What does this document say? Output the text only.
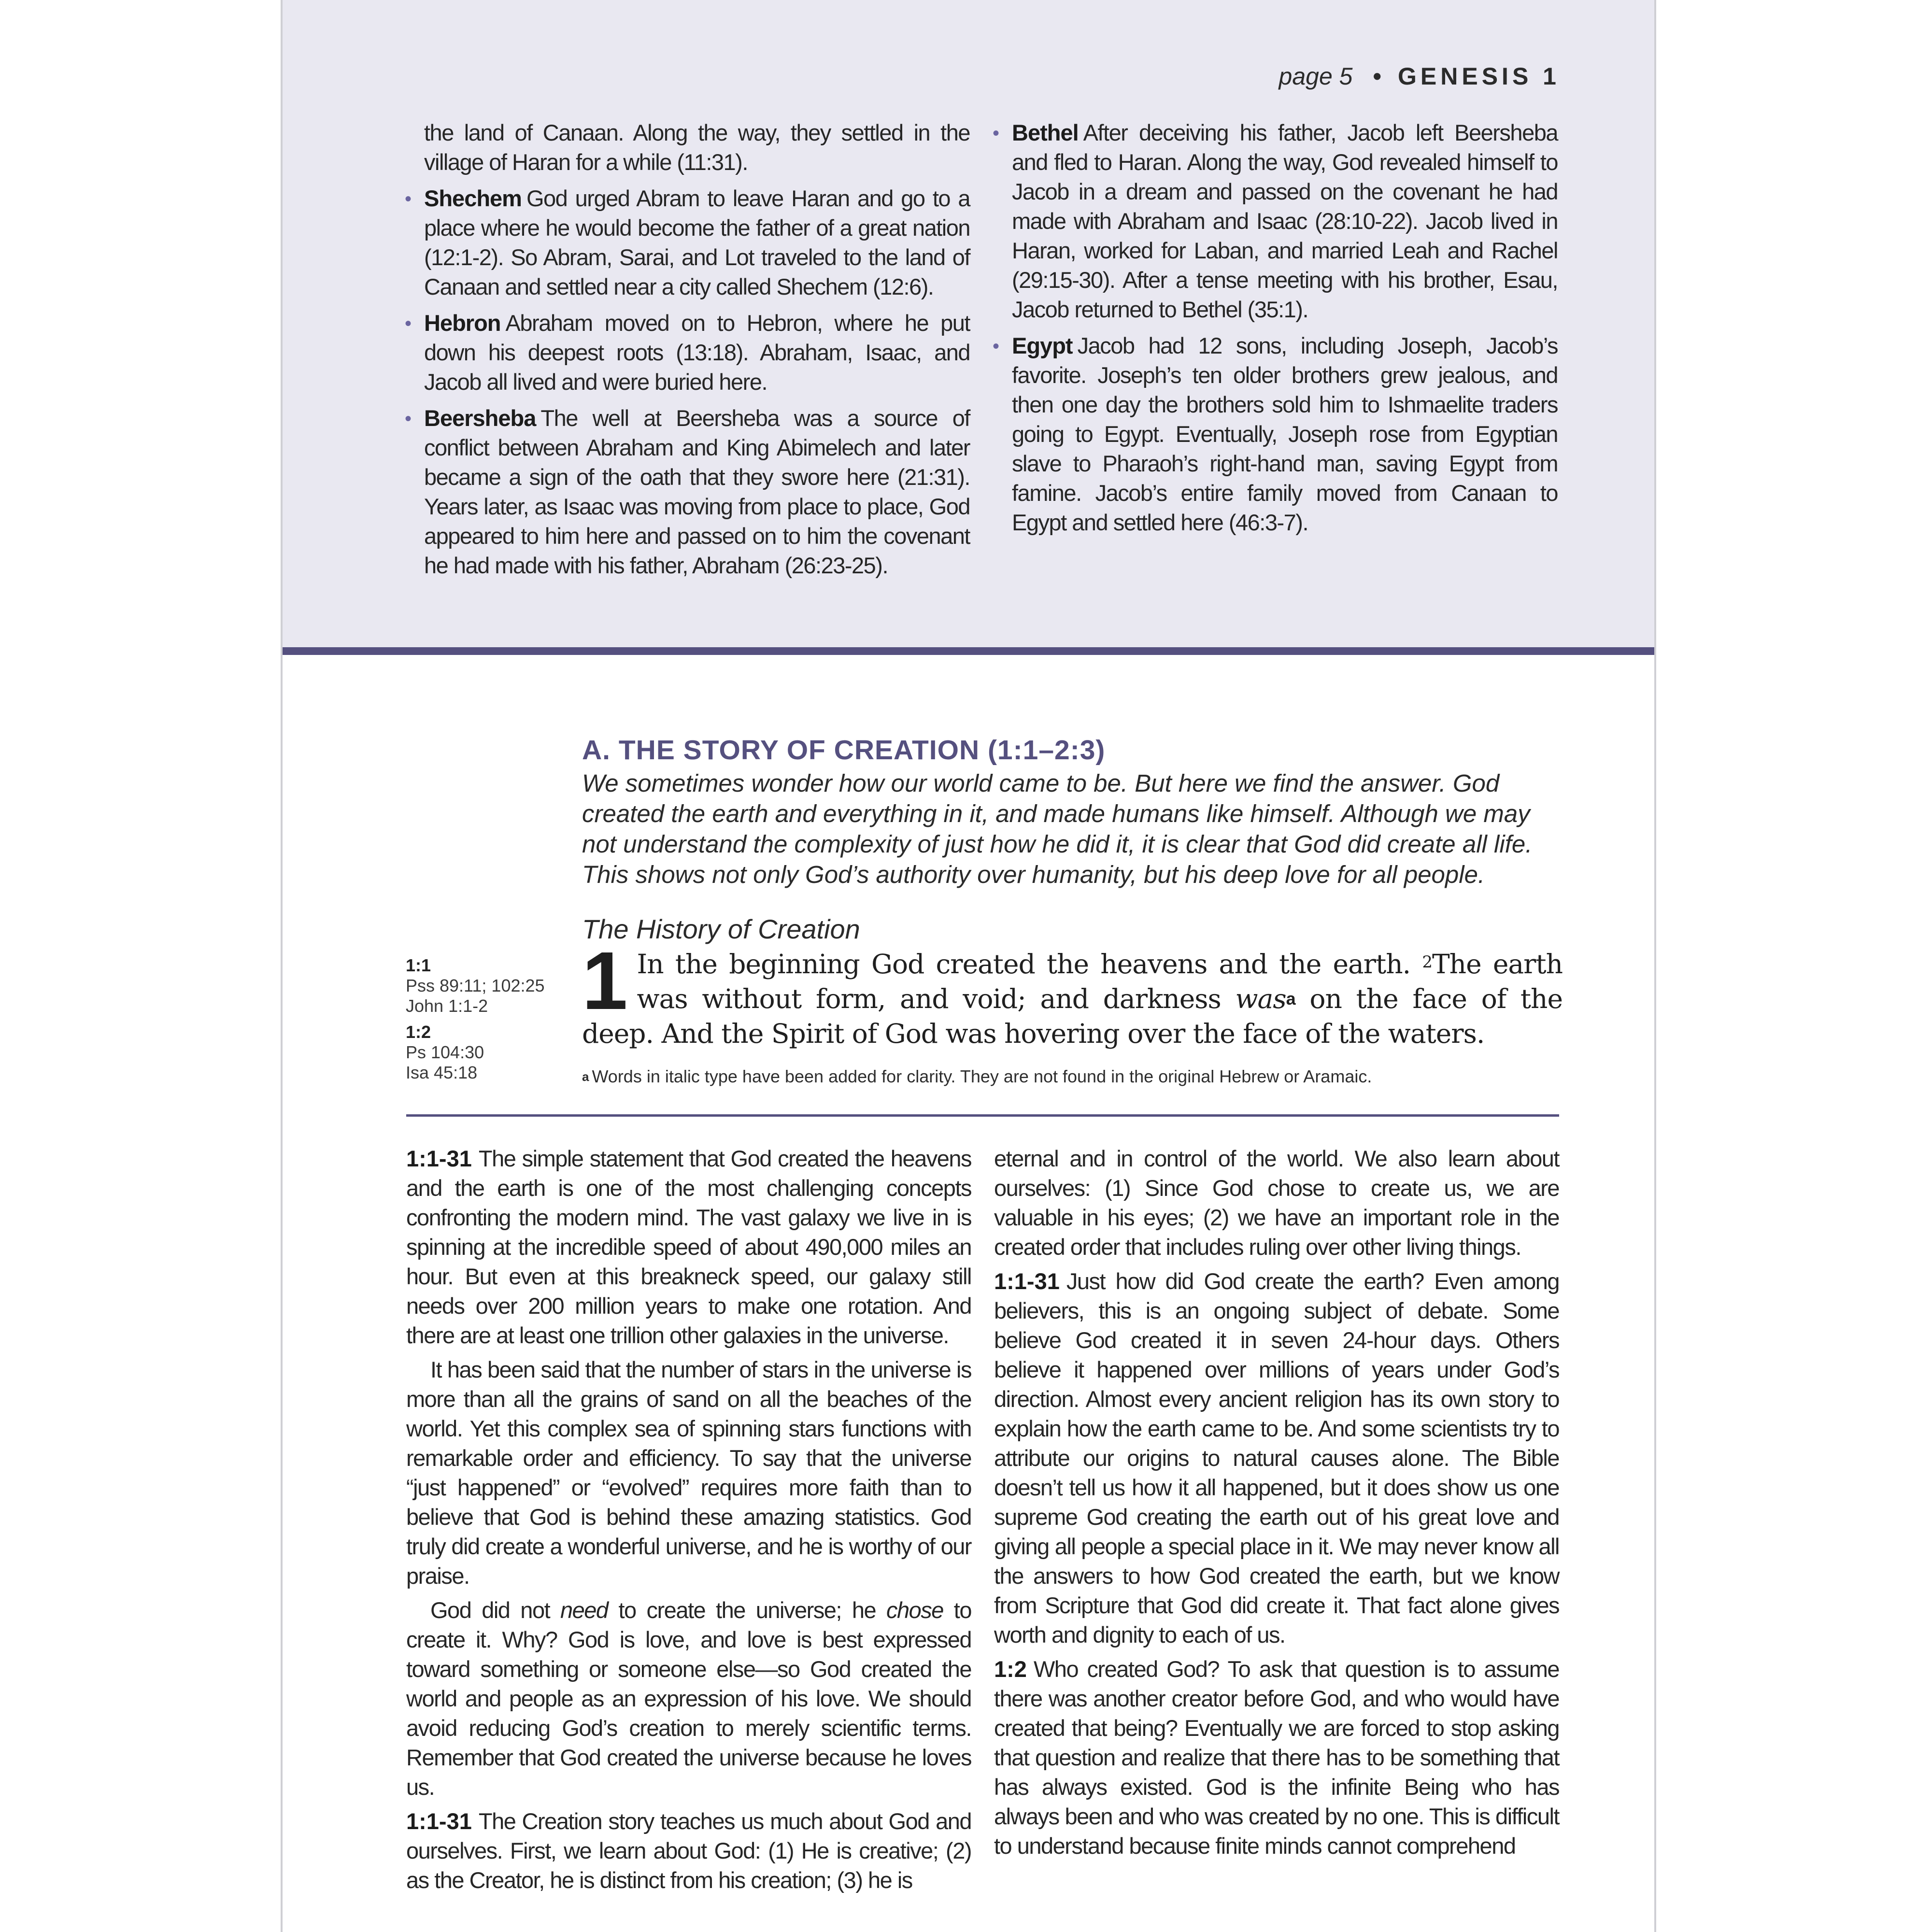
page 5 • GENESIS 1

the land of Canaan. Along the way, they settled in the village of Haran for a while (11:31).

• Shechem God urged Abram to leave Haran and go to a place where he would become the father of a great nation (12:1-2). So Abram, Sarai, and Lot traveled to the land of Canaan and settled near a city called Shechem (12:6).

• Hebron Abraham moved on to Hebron, where he put down his deepest roots (13:18). Abraham, Isaac, and Jacob all lived and were buried here.

• Beersheba The well at Beersheba was a source of conflict between Abraham and King Abimelech and later became a sign of the oath that they swore here (21:31). Years later, as Isaac was moving from place to place, God appeared to him here and passed on to him the covenant he had made with his father, Abraham (26:23-25).

• Bethel After deceiving his father, Jacob left Beersheba and fled to Haran. Along the way, God revealed himself to Jacob in a dream and passed on the covenant he had made with Abraham and Isaac (28:10-22). Jacob lived in Haran, worked for Laban, and married Leah and Rachel (29:15-30). After a tense meeting with his brother, Esau, Jacob returned to Bethel (35:1).

• Egypt Jacob had 12 sons, including Joseph, Jacob’s favorite. Joseph’s ten older brothers grew jealous, and then one day the brothers sold him to Ishmaelite traders going to Egypt. Eventually, Joseph rose from Egyptian slave to Pharaoh’s right-hand man, saving Egypt from famine. Jacob’s entire family moved from Canaan to Egypt and settled here (46:3-7).

A. THE STORY OF CREATION (1:1–2:3)

We sometimes wonder how our world came to be. But here we find the answer. God created the earth and everything in it, and made humans like himself. Although we may not understand the complexity of just how he did it, it is clear that God did create all life. This shows not only God’s authority over humanity, but his deep love for all people.

The History of Creation
1:1
Pss 89:11; 102:25
John 1:1-2
1:2
Ps 104:30
Isa 45:18

1 In the beginning God created the heavens and the earth. $^2$The earth was without form, and void; and darkness was$^a$ on the face of the deep. And the Spirit of God was hovering over the face of the waters.

$^a$ Words in italic type have been added for clarity. They are not found in the original Hebrew or Aramaic.

1:1-31 The simple statement that God created the heavens and the earth is one of the most challenging concepts confronting the modern mind. The vast galaxy we live in is spinning at the incredible speed of about 490,000 miles an hour. But even at this breakneck speed, our galaxy still needs over 200 million years to make one rotation. And there are at least one trillion other galaxies in the universe.

It has been said that the number of stars in the universe is more than all the grains of sand on all the beaches of the world. Yet this complex sea of spinning stars functions with remarkable order and efficiency. To say that the universe “just happened” or “evolved” requires more faith than to believe that God is behind these amazing statistics. God truly did create a wonderful universe, and he is worthy of our praise.

God did not need to create the universe; he chose to create it. Why? God is love, and love is best expressed toward something or someone else—so God created the world and people as an expression of his love. We should avoid reducing God’s creation to merely scientific terms. Remember that God created the universe because he loves us.

1:1-31 The Creation story teaches us much about God and ourselves. First, we learn about God: (1) He is creative; (2) as the Creator, he is distinct from his creation; (3) he is

eternal and in control of the world. We also learn about ourselves: (1) Since God chose to create us, we are valuable in his eyes; (2) we have an important role in the created order that includes ruling over other living things.

1:1-31 Just how did God create the earth? Even among believers, this is an ongoing subject of debate. Some believe God created it in seven 24-hour days. Others believe it happened over millions of years under God’s direction. Almost every ancient religion has its own story to explain how the earth came to be. And some scientists try to attribute our origins to natural causes alone. The Bible doesn’t tell us how it all happened, but it does show us one supreme God creating the earth out of his great love and giving all people a special place in it. We may never know all the answers to how God created the earth, but we know from Scripture that God did create it. That fact alone gives worth and dignity to each of us.

1:2 Who created God? To ask that question is to assume there was another creator before God, and who would have created that being? Eventually we are forced to stop asking that question and realize that there has to be something that has always existed. God is the infinite Being who has always been and who was created by no one. This is difficult to understand because finite minds cannot comprehend
